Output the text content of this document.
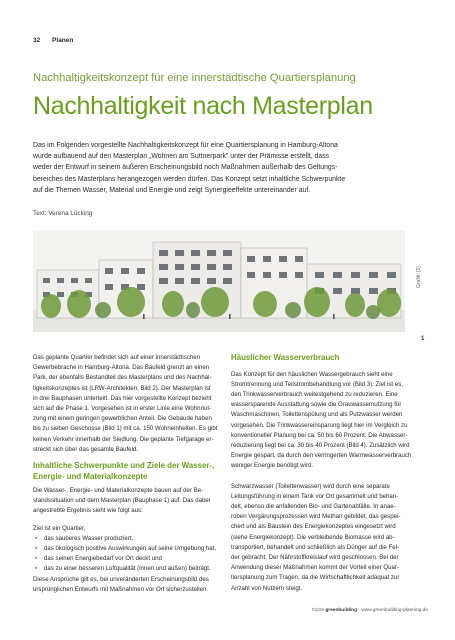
32 Planen
Nachhaltigkeitskonzept für eine innerstädtische Quartiersplanung
Nachhaltigkeit nach Masterplan
Das im Folgenden vorgestellte Nachhaltigkeitskonzept für eine Quartiersplanung in Hamburg-Altona
wurde aufbauend auf den Masterplan „Wohnen am Suttnerpark" unter der Prämisse erstellt, dass
weder der Entwurf in seinem äußeren Erscheinungsbild noch Maßnahmen außerhalb des Geltungs-
bereiches des Masterplans herangezogen werden dürfen. Das Konzept setzt inhaltliche Schwerpunkte
auf die Themen Wasser, Material und Energie und zeigt Synergieeffekte untereinander auf.
Text: Verena Lücking
Grafik: [1]
1

Das geplante Quartier befindet sich auf einer innerstädtischen
Gewerbebrache in Hamburg-Altona. Das Baufeld grenzt an einen
Park, der ebenfalls Bestandteil des Masterplans und des Nachhal-
tigkeitskonzeptes ist (LRW-Architekten, Bild 2). Der Masterplan ist
in drei Bauphasen unterteilt. Das hier vorgestellte Konzept bezieht
sich auf die Phase 1. Vorgesehen ist in erster Linie eine Wohnnut-
zung mit einem geringen gewerblichen Anteil. Die Gebäude haben
bis zu sieben Geschosse (Bild 1) mit ca. 150 Wohneinheiten. Es gibt
keinen Verkehr innerhalb der Siedlung. Die geplante Tiefgarage er-
streckt sich über das gesamte Baufeld.

Inhaltliche Schwerpunkte und Ziele der Wasser-,
Energie- und Materialkonzepte

Die Wasser-, Energie- und Materialkonzepte bauen auf der Be-
standssituation und dem Masterplan (Bauphase 1) auf. Das dabei
angestrebte Ergebnis sieht wie folgt aus:

Ziel ist ein Quartier,

▪ das sauberes Wasser produziert,
▪ das ökologisch positive Auswirkungen auf seine Umgebung hat,
▪ das seinen Energiebedarf vor Ort deckt und
▪ das zu einer besseren Luftqualität (innen und außen) beiträgt.

Diese Ansprüche gilt es, bei unveränderten Erscheinungsbild des
ursprünglichen Entwurfs mit Maßnahmen vor Ort sicherzustellen.

Häuslicher Wasserverbrauch

Das Konzept für den häuslichen Wassergebrauch sieht eine
Stromtrennung und Teilstrombehandlung vor (Bild 3). Ziel ist es,
den Trinkwasserverbrauch weitestgehend zu reduzieren. Eine
wassersparende Ausstattung sowie die Grauwassernutzung für
Waschmaschinen, Toilettenspülung und als Putzwasser werden
vorgesehen. Die Trinkwassereinsparung liegt hier im Vergleich zu
konventioneller Planung bei ca. 50 bis 60 Prozent. Die Abwasser-
reduzierung liegt bei ca. 30 bis 40 Prozent (Bild 4). Zusätzlich wird
Energie gespart, da durch den verringerten Warmwasserverbrauch
weniger Energie benötigt wird.

Schwarzwasser (Toilettenwasser) wird durch eine separate
Leitungsführung in einem Tank vor Ort gesammelt und behan-
delt, ebenso die anfallenden Bio- und Gartenabfälle. In anae-
roben Vergärungsprozessen wird Methan gebildet, das gespei-
chert und als Baustein des Energiekonzeptes eingesetzt wird
(siehe Energiekonzept). Die verbleibende Biomasse wird ab-
transportiert, behandelt und schließlich als Dünger auf die Fel-
der gebracht. Der Nährstoffkreislauf wird geschlossen. Bei der
Anwendung dieser Maßnahmen kommt der Vorteil einer Quar-
tiersplanung zum Tragen, da die Wirtschaftlichkeit adäquat zur
Anzahl von Nutzern steigt.

01|15 greenbuilding · www.greenbuilding-planning.de
